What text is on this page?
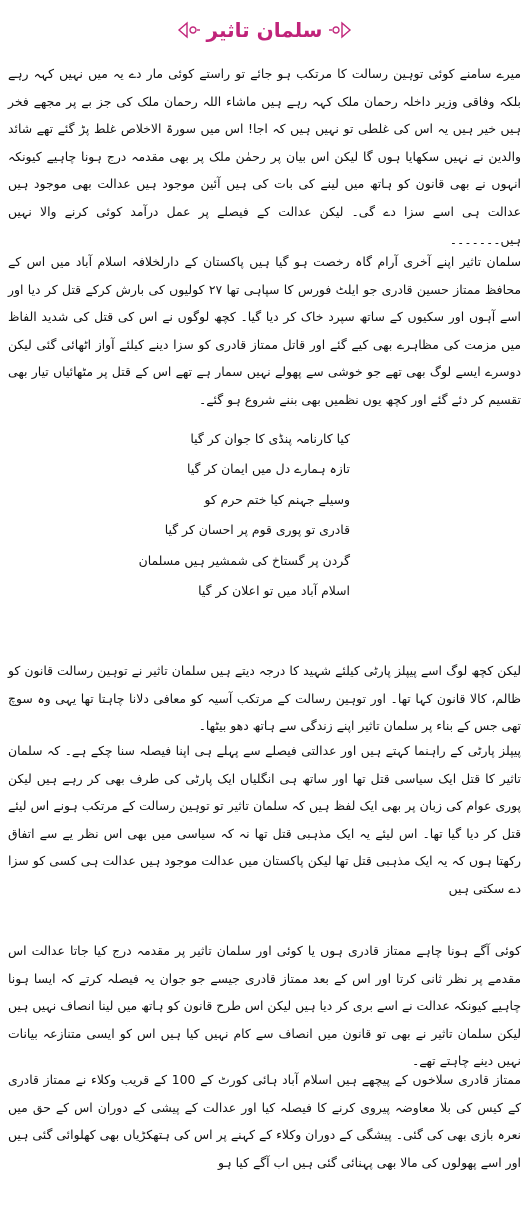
سلمان تاثیر

میرے سامنے کوئی توہین رسالت کا مرتکب ہو جائے تو راستے کوئی مار دے یہ میں نہیں کہہ رہے بلکہ وفاقی وزیر داخلہ رحمان ملک کہہ رہے ہیں ماشاء اللہ رحمان ملک کی جز بے پر مجھے فخر ہیں خیر ہیں یہ اس کی غلطی تو نہیں ہیں کہ اجا! اس میں سورۃ الاخلاص غلط پڑ گئے تھے شائد والدین نے نہیں سکھایا ہوں گا لیکن اس بیان پر رحمٰن ملک پر بھی مقدمہ درج ہونا چاہیے کیونکہ انہوں نے بھی قانون کو ہاتھ میں لینے کی بات کی ہیں آئین موجود ہیں عدالت بھی موجود ہیں عدالت ہی اسے سزا دے گی۔ لیکن عدالت کے فیصلے پر عمل درآمد کوئی کرنے والا نہیں ہیں۔۔۔۔۔۔۔

سلمان تاثیر اپنے آخری آرام گاہ رخصت ہو گیا ہیں پاکستان کے دارلخلافہ اسلام آباد میں اس کے محافظ ممتاز حسین قادری جو ایلٹ فورس کا سپاہی تھا ۲۷ کولیوں کی بارش کرکے قتل کر دیا اور اسے آہوں اور سکیوں کے ساتھ سپرد خاک کر دیا گیا۔ کچھ لوگوں نے اس کی قتل کی شدید الفاظ میں مزمت کی مظاہرے بھی کیے گئے اور قاتل ممتاز قادری کو سزا دینے کیلئے آواز اٹھائی گئی لیکن دوسرے ایسے لوگ بھی تھے جو خوشی سے پھولے نہیں سمار ہے تھے اس کے قتل پر مٹھائیاں تیار بھی تقسیم کر دئے گئے اور کچھ یوں نظمیں بھی بننے شروع ہو گئے۔

کیا کارنامہ پنڈی کا جوان کر گیا
تازہ ہمارے دل میں ایمان کر گیا
وسیلے جہنم کیا ختم حرم کو
قادری تو پوری قوم پر احسان کر گیا
گردن پر گستاخ کی شمشیر ہیں مسلمان
اسلام آباد میں تو اعلان کر گیا

لیکن کچھ لوگ اسے پیپلز پارٹی کیلئے شہید کا درجہ دیتے ہیں سلمان تاثیر نے توہین رسالت قانون کو ظالم، کالا قانون کہا تھا۔ اور توہین رسالت کے مرتکب آسیہ کو معافی دلانا چاہتا تھا یہی وہ سوچ تھی جس کے بناء پر سلمان تاثیر اپنے زندگی سے ہاتھ دھو بیٹھا۔

پیپلز پارٹی کے راہنما کہتے ہیں اور عدالتی فیصلے سے پہلے ہی اپنا فیصلہ سنا چکے ہے۔ کہ سلمان تاثیر کا قتل ایک سیاسی قتل تھا اور ساتھ ہی انگلیاں ایک پارٹی کی طرف بھی کر رہے ہیں لیکن پوری عوام کی زبان پر بھی ایک لفظ ہیں کہ سلمان تاثیر تو توہین رسالت کے مرتکب ہونے اس لیئے قتل کر دیا گیا تھا۔ اس لیئے یہ ایک مذہبی قتل تھا نہ کہ سیاسی میں بھی اس نظر یے سے اتفاق رکھتا ہوں کہ یہ ایک مذہبی قتل تھا لیکن پاکستان میں عدالت موجود ہیں عدالت ہی کسی کو سزا دے سکتی ہیں

کوئی آگے ہونا چاہے ممتاز قادری ہوں یا کوئی اور سلمان تاثیر پر مقدمہ درج کیا جاتا عدالت اس مقدمے پر نظر ثانی کرتا اور اس کے بعد ممتاز قادری جیسے جو جوان یہ فیصلہ کرتے کہ ایسا ہونا چاہیے کیونکہ عدالت نے اسے بری کر دیا ہیں لیکن اس طرح قانون کو ہاتھ میں لینا انصاف نہیں ہیں لیکن سلمان تاثیر نے بھی تو قانون میں انصاف سے کام نہیں کیا ہیں اس کو ایسی متنازعہ بیانات نہیں دینے چاہتے تھے۔

ممتاز قادری سلاخوں کے پیچھے ہیں اسلام آباد ہائی کورٹ کے 100 کے قریب وکلاء نے ممتاز قادری کے کیس کی بلا معاوضہ پیروی کرنے کا فیصلہ کیا اور عدالت کے پیشی کے دوران اس کے حق میں نعرہ بازی بھی کی گئی۔ پیشگی کے دوران وکلاء کے کہنے پر اس کی ہتھکڑیاں بھی کھلوائی گئی ہیں اور اسے پھولوں کی مالا بھی پہنائی گئی ہیں اب آگے کیا ہو
